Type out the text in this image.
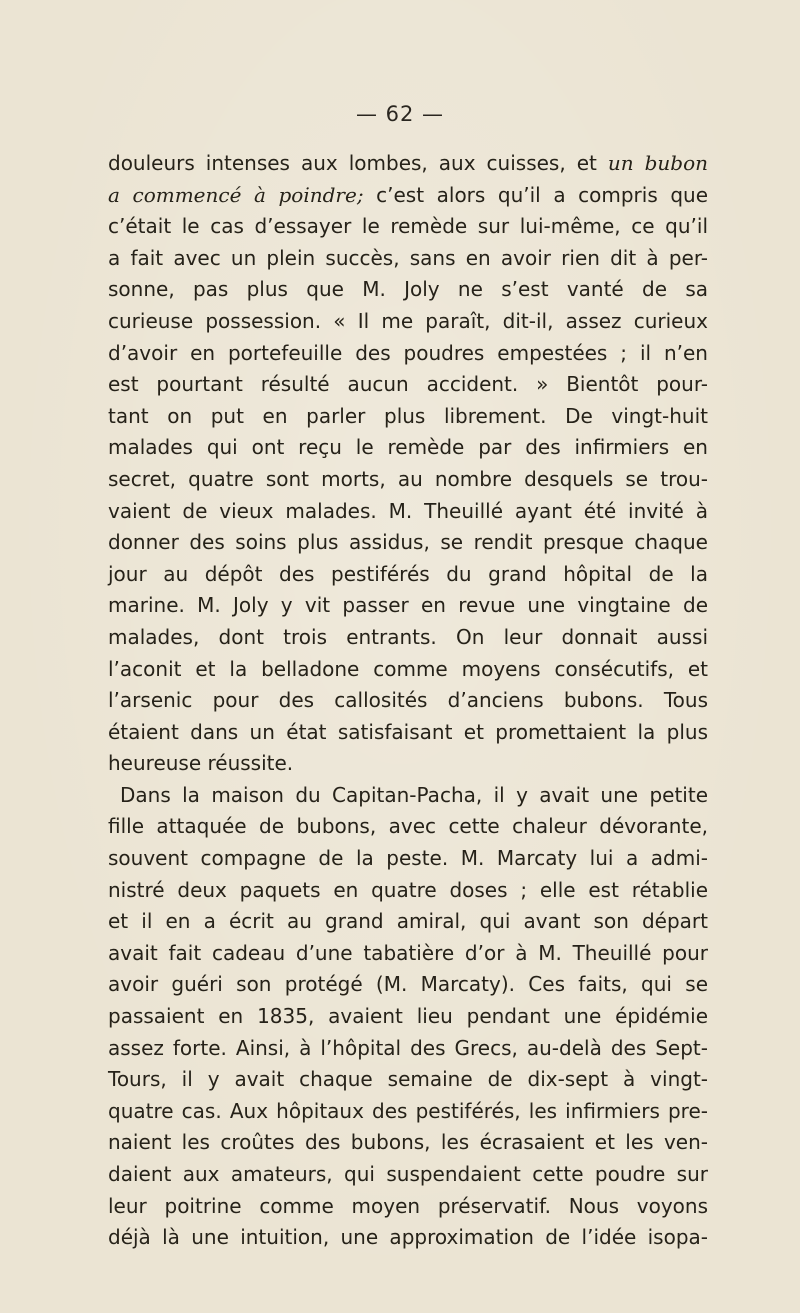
— 62 —
douleurs intenses aux lombes, aux cuisses, et un bubon
a commencé à poindre; c’est alors qu’il a compris que
c’était le cas d’essayer le remède sur lui-même, ce qu’il
a fait avec un plein succès, sans en avoir rien dit à per-
sonne, pas plus que M. Joly ne s’est vanté de sa
curieuse possession. « Il me paraît, dit-il, assez curieux
d’avoir en portefeuille des poudres empestées ; il n’en
est pourtant résulté aucun accident. » Bientôt pour-
tant on put en parler plus librement. De vingt-huit
malades qui ont reçu le remède par des infirmiers en
secret, quatre sont morts, au nombre desquels se trou-
vaient de vieux malades. M. Theuillé ayant été invité à
donner des soins plus assidus, se rendit presque chaque
jour au dépôt des pestiférés du grand hôpital de la
marine. M. Joly y vit passer en revue une vingtaine de
malades, dont trois entrants. On leur donnait aussi
l’aconit et la belladone comme moyens consécutifs, et
l’arsenic pour des callosités d’anciens bubons. Tous
étaient dans un état satisfaisant et promettaient la plus
heureuse réussite.
Dans la maison du Capitan-Pacha, il y avait une petite
fille attaquée de bubons, avec cette chaleur dévorante,
souvent compagne de la peste. M. Marcaty lui a admi-
nistré deux paquets en quatre doses ; elle est rétablie
et il en a écrit au grand amiral, qui avant son départ
avait fait cadeau d’une tabatière d’or à M. Theuillé pour
avoir guéri son protégé (M. Marcaty). Ces faits, qui se
passaient en 1835, avaient lieu pendant une épidémie
assez forte. Ainsi, à l’hôpital des Grecs, au-delà des Sept-
Tours, il y avait chaque semaine de dix-sept à vingt-
quatre cas. Aux hôpitaux des pestiférés, les infirmiers pre-
naient les croûtes des bubons, les écrasaient et les ven-
daient aux amateurs, qui suspendaient cette poudre sur
leur poitrine comme moyen préservatif. Nous voyons
déjà là une intuition, une approximation de l’idée isopa-
